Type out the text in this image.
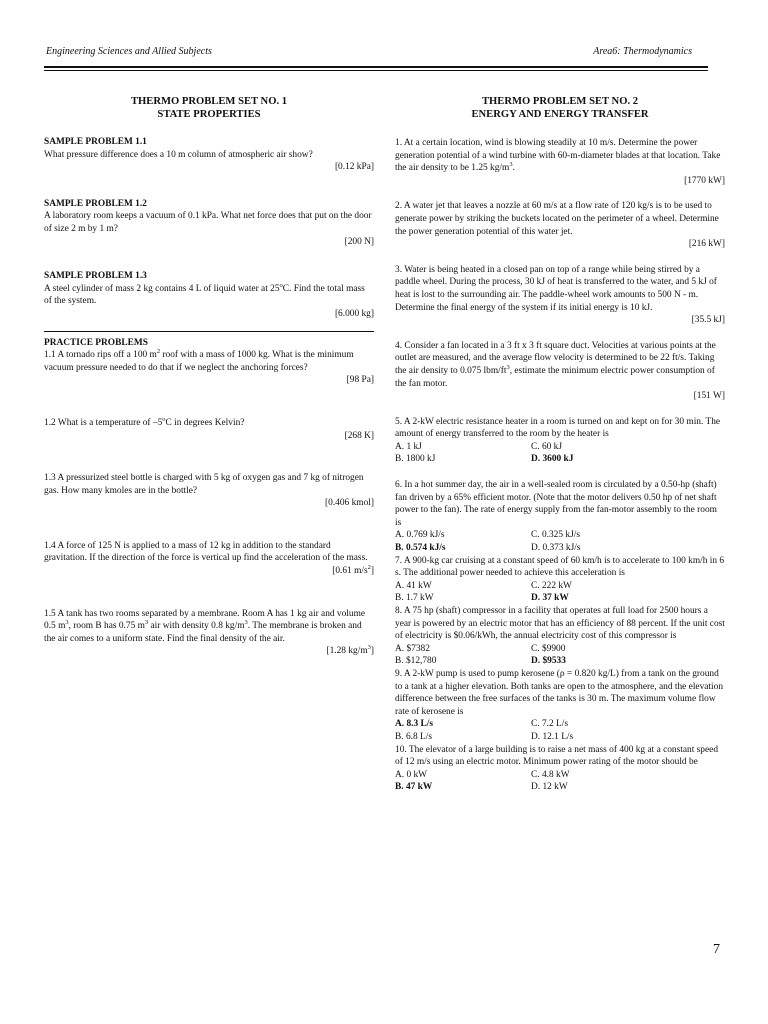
Engineering Sciences and Allied Subjects	Area6: Thermodynamics
THERMO PROBLEM SET NO. 1
STATE PROPERTIES

SAMPLE PROBLEM 1.1

What pressure difference does a 10 m column of atmospheric air show?

[0.12 kPa]

SAMPLE PROBLEM 1.2

A laboratory room keeps a vacuum of 0.1 kPa. What net force does that put on the door of size 2 m by 1 m?

[200 N]

SAMPLE PROBLEM 1.3

A steel cylinder of mass 2 kg contains 4 L of liquid water at 25$^o$C. Find the total mass of the system.

[6.000 kg]

PRACTICE PROBLEMS

1.1 A tornado rips off a 100 $m^2$ roof with a mass of 1000 kg. What is the minimum vacuum pressure needed to do that if we neglect the anchoring forces?

[98 Pa]

1.2 What is a temperature of –5$^o$C in degrees Kelvin?

[268 K]

1.3 A pressurized steel bottle is charged with 5 kg of oxygen gas and 7 kg of nitrogen gas. How many kmoles are in the bottle?

[0.406 kmol]

1.4 A force of 125 N is applied to a mass of 12 kg in addition to the standard gravitation. If the direction of the force is vertical up find the acceleration of the mass.

[0.61 $m/s^2$]

1.5 A tank has two rooms separated by a membrane. Room A has 1 kg air and volume 0.5 $m^3$, room B has 0.75 $m^3$ air with density 0.8 $kg/m^3$. The membrane is broken and the air comes to a uniform state. Find the final density of the air.

[1.28 $kg/m^3$]

THERMO PROBLEM SET NO. 2
ENERGY AND ENERGY TRANSFER

1. At a certain location, wind is blowing steadily at 10 m/s. Determine the power generation potential of a wind turbine with 60-m-diameter blades at that location. Take the air density to be 1.25 $kg/m^3$.

[1770 kW]

2. A water jet that leaves a nozzle at 60 m/s at a flow rate of 120 kg/s is to be used to generate power by striking the buckets located on the perimeter of a wheel. Determine the power generation potential of this water jet.

[216 kW]

3. Water is being heated in a closed pan on top of a range while being stirred by a paddle wheel. During the process, 30 kJ of heat is transferred to the water, and 5 kJ of heat is lost to the surrounding air. The paddle-wheel work amounts to 500 N - m. Determine the final energy of the system if its initial energy is 10 kJ.

[35.5 kJ]

4. Consider a fan located in a 3 ft x 3 ft square duct. Velocities at various points at the outlet are measured, and the average flow velocity is determined to be 22 ft/s. Taking the air density to 0.075 lbm/$ft^3$, estimate the minimum electric power consumption of the fan motor.

[151 W]

5. A 2-kW electric resistance heater in a room is turned on and kept on for 30 min. The amount of energy transferred to the room by the heater is

A. 1 kJ	C. 60 kJ
B. 1800 kJ	D. 3600 kJ

6. In a hot summer day, the air in a well-sealed room is circulated by a 0.50-hp (shaft) fan driven by a 65% efficient motor. (Note that the motor delivers 0.50 hp of net shaft power to the fan). The rate of energy supply from the fan-motor assembly to the room is

A. 0.769 kJ/s	C. 0.325 kJ/s
B. 0.574 kJ/s	D. 0.373 kJ/s

7. A 900-kg car cruising at a constant speed of 60 km/h is to accelerate to 100 km/h in 6 s. The additional power needed to achieve this acceleration is

A. 41 kW	C. 222 kW
B. 1.7 kW	D. 37 kW

8. A 75 hp (shaft) compressor in a facility that operates at full load for 2500 hours a year is powered by an electric motor that has an efficiency of 88 percent. If the unit cost of electricity is $0.06/kWh, the annual electricity cost of this compressor is

A. $7382	C. $9900
B. $12,780	D. $9533

9. A 2-kW pump is used to pump kerosene (ρ = 0.820 kg/L) from a tank on the ground to a tank at a higher elevation. Both tanks are open to the atmosphere, and the elevation difference between the free surfaces of the tanks is 30 m. The maximum volume flow rate of kerosene is

A. 8.3 L/s	C. 7.2 L/s
B. 6.8 L/s	D. 12.1 L/s

10. The elevator of a large building is to raise a net mass of 400 kg at a constant speed of 12 m/s using an electric motor. Minimum power rating of the motor should be

A. 0 kW	C. 4.8 kW
B. 47 kW	D. 12 kW
7
